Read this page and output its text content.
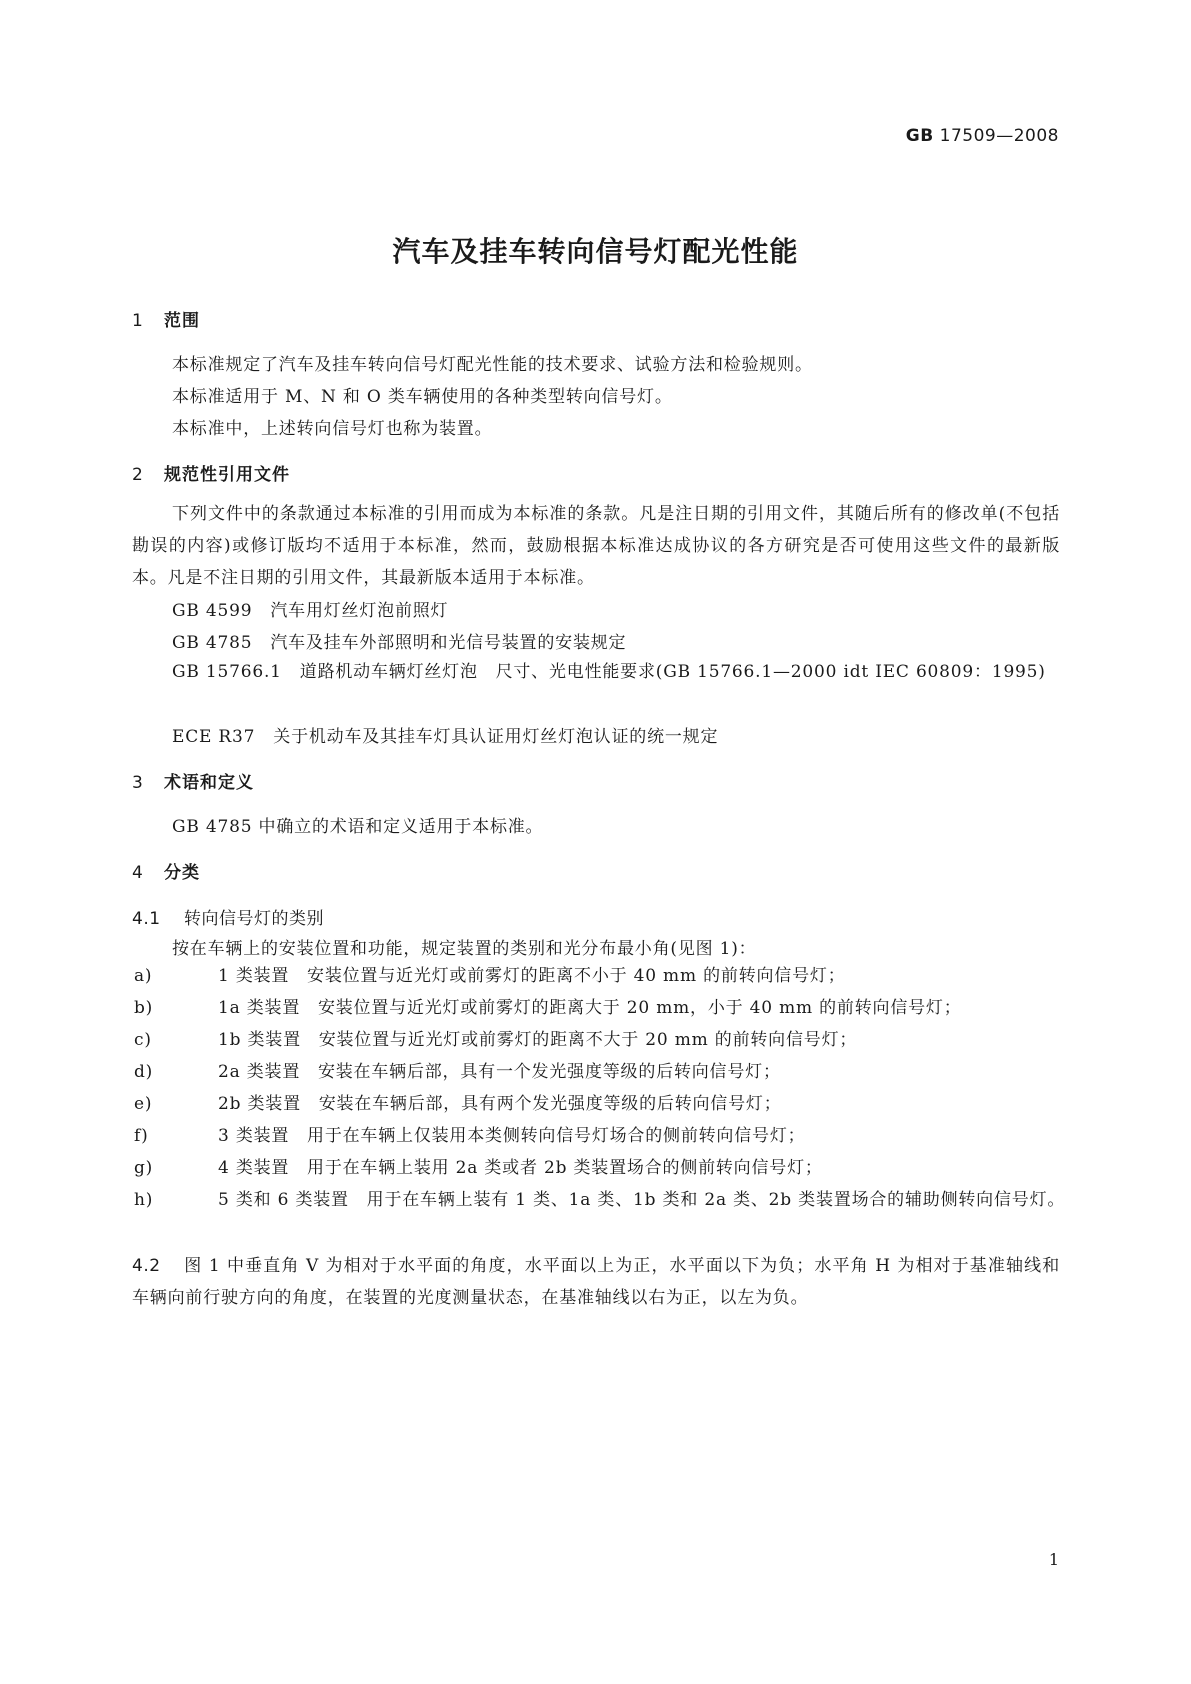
GB 17509—2008
汽车及挂车转向信号灯配光性能
1 范围
本标准规定了汽车及挂车转向信号灯配光性能的技术要求、试验方法和检验规则。
本标准适用于 M、N 和 O 类车辆使用的各种类型转向信号灯。
本标准中，上述转向信号灯也称为装置。
2 规范性引用文件
下列文件中的条款通过本标准的引用而成为本标准的条款。凡是注日期的引用文件，其随后所有的修改单(不包括勘误的内容)或修订版均不适用于本标准，然而，鼓励根据本标准达成协议的各方研究是否可使用这些文件的最新版本。凡是不注日期的引用文件，其最新版本适用于本标准。
GB 4599 汽车用灯丝灯泡前照灯
GB 4785 汽车及挂车外部照明和光信号装置的安装规定
GB 15766.1 道路机动车辆灯丝灯泡　尺寸、光电性能要求(GB 15766.1—2000 idt IEC 60809：1995)
ECE R37 关于机动车及其挂车灯具认证用灯丝灯泡认证的统一规定
3 术语和定义
GB 4785 中确立的术语和定义适用于本标准。
4 分类
4.1 转向信号灯的类别
按在车辆上的安装位置和功能，规定装置的类别和光分布最小角(见图 1)：
a)	1 类装置　安装位置与近光灯或前雾灯的距离不小于 40 mm 的前转向信号灯；
b)	1a 类装置　安装位置与近光灯或前雾灯的距离大于 20 mm，小于 40 mm 的前转向信号灯；
c)	1b 类装置　安装位置与近光灯或前雾灯的距离不大于 20 mm 的前转向信号灯；
d)	2a 类装置　安装在车辆后部，具有一个发光强度等级的后转向信号灯；
e)	2b 类装置　安装在车辆后部，具有两个发光强度等级的后转向信号灯；
f)	3 类装置　用于在车辆上仅装用本类侧转向信号灯场合的侧前转向信号灯；
g)	4 类装置　用于在车辆上装用 2a 类或者 2b 类装置场合的侧前转向信号灯；
h)	5 类和 6 类装置　用于在车辆上装有 1 类、1a 类、1b 类和 2a 类、2b 类装置场合的辅助侧转向信号灯。
4.2 图 1 中垂直角 V 为相对于水平面的角度，水平面以上为正，水平面以下为负；水平角 H 为相对于基准轴线和车辆向前行驶方向的角度，在装置的光度测量状态，在基准轴线以右为正，以左为负。
1
